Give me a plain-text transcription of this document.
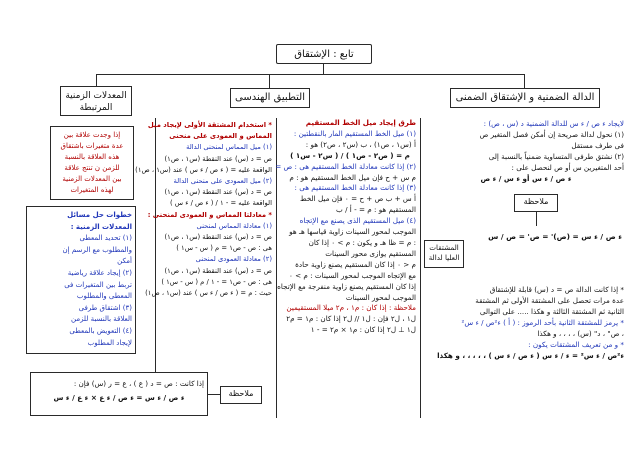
تابع : الإشتقاق
الدالة الضمنية و الإشتقاق الضمنى
التطبيق الهندسى
المعدلات الزمنية المرتبطة
لايجاد ء ص / ء س للدالة الضمنية د (س ، ص) :
(١) نحول لدالة صريحة إن أمكن فصل المتغير ص
فى طرف مستقل
(٢) نشتق طرفى المتساوية ضمنياً بالنسبة إلى
أحد المتغيرين س أو ص لنحصل على :
ء ص / ء س أو ء س / ء ص
ملاحظة
ء ص / ء س = (ص)' = ص' = ص / س
المشتقات العليا لدالة
* إذا كانت الدالة ص = د (س) قابلة للإشتقاق
عدة مرات تحصل على المشتقة الأولى ثم المشتقة
الثانية ثم المشتقة الثالثة و هكذا ..... على التوالى
* يرمز للمشتقة الثانية بأحد الرموز : ( أ ) ء²ص / ء س²
، ص" ، د" (س) ، ، ، ، و هكذا
* و من تعريف المشتقات يكون :
ء²ص / ء س² = ء / ء س ( ء ص / ء س ) ، ، ، ، ، و هكذا
طرق إيجاد ميل الخط المستقيم
(١) ميل الخط المستقيم المار بالنقطتين :
أ (س١ ، ص١) ، ب (س٢ ، ص٢) هو :
م = ( ص٢ - ص١ ) / ( س٢ - س١ )
(٢) إذا كانت معادلة الخط المستقيم هى : ص =
م س + ح فإن ميل الخط المستقيم هو : م
(٣) إذا كانت معادلة الخط المستقيم هى :
أ س + ب ص + ح = ٠ فإن ميل الخط
المستقيم هو : م = - أ / ب
(٤) ميل المستقيم الذى يصنع مع الإتجاه
الموجب لمحور السينات زاوية قياسها هـ هو
: م = ظا هـ و يكون : م > ٠ إذا كان
المستقيم يوازى محور السينات
م < ٠ إذا كان المستقيم يصنع زاوية حادة
مع الإتجاه الموجب لمحور السينات : م > ٠
إذا كان المستقيم يصنع زاوية منفرجة مع الإتجاه
الموجب لمحور السينات
ملاحظة : إذا كان : م١ ، م٢ ميلا المستقيمين
ل١ ، ل٢ فإن : ل١ // ل٢ إذا كان : م١ = م٢
ل١ ⊥ ل٢ إذا كان : م١ × م٢ = - ١
* استخدام المشتقة الأولى لإيجاد ميل
المماس و العمودى على منحنى
(١) ميل المماس لمنحنى الدالة
ص = د (س) عند النقطة (س١ ، ص١)
الواقعة عليه = ( ء ص / ء س ) عند (س١ ، ص١)
(٢) ميل العمودى على منحنى الدالة
ص = د (س) عند النقطة (س١ ، ص١)
الواقعة عليه = - ١ / ( ء ص / ء س )
* معادلتا المماس و العمودى لمنحنى :
(١) معادلة المماس لمنحنى
ص = د (س) عند النقطة (س١ ، ص١)
هى : ص - ص١ = م ( س - س١ )
(٢) معادلة العمودى لمنحنى
ص = د (س) عند النقطة (س١ ، ص١)
هى : ص - ص١ = - ١ / م ( س - س١ )
حيث : م = ( ء ص / ء س ) عند (س١ ، ص١)
إذا وجدت علاقة بين
عدة متغيرات باشتقاق
هذه العلاقة بالنسبة
للزمن ن تنتج علاقة
بين المعدلات الزمنية
لهذه المتغيرات
خطوات حل مسائل
المعدلات الزمنية :
(١) تحديد المعطى
والمطلوب مع الرسم إن
أمكن
(٢) إيجاد علاقة رياضية
تربط بين المتغيرات فى
المعطى والمطلوب
(٣) اشتقاق طرفى
العلاقة بالنسبة للزمن
(٤) التعويض بالمعطى
لإيجاد المطلوب
إذا كانت : ص = د ( ع ) ، ع = ر (س) فإن :
ء ص / ء س = ء ص / ء ع × ء ع / ء س	ملاحظة
